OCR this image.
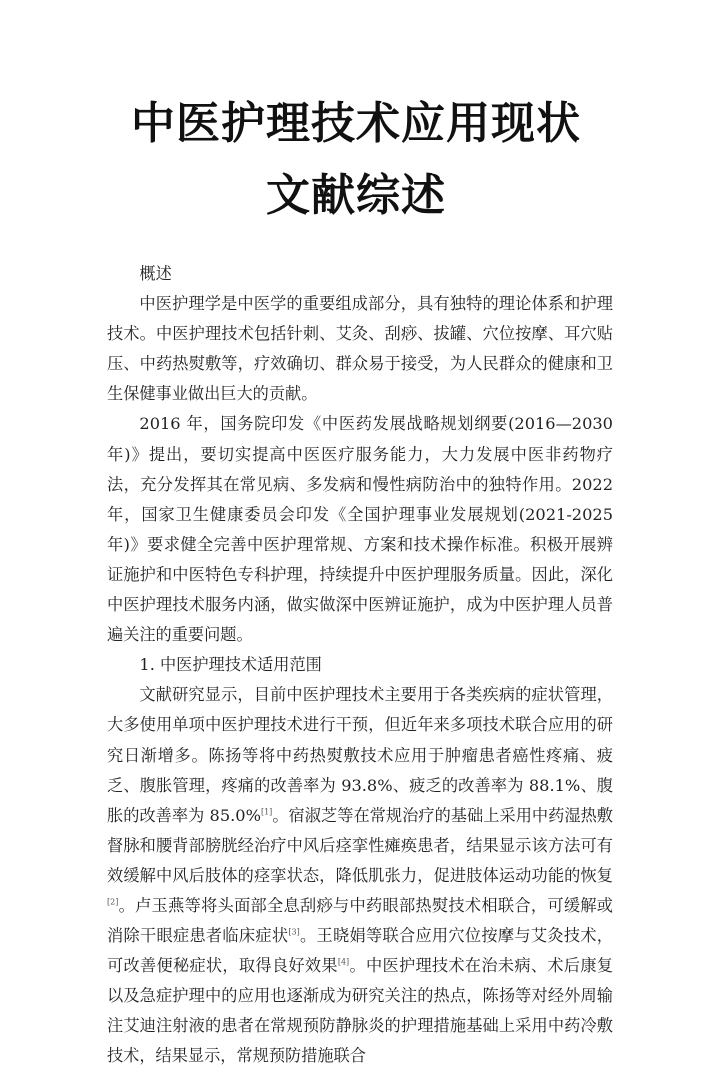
中医护理技术应用现状
文献综述

概述

中医护理学是中医学的重要组成部分，具有独特的理论体系和护理技术。中医护理技术包括针刺、艾灸、刮痧、拔罐、穴位按摩、耳穴贴压、中药热熨敷等，疗效确切、群众易于接受，为人民群众的健康和卫生保健事业做出巨大的贡献。

2016 年，国务院印发《中医药发展战略规划纲要(2016—2030 年)》提出，要切实提高中医医疗服务能力，大力发展中医非药物疗法，充分发挥其在常见病、多发病和慢性病防治中的独特作用。2022 年，国家卫生健康委员会印发《全国护理事业发展规划(2021-2025 年)》要求健全完善中医护理常规、方案和技术操作标准。积极开展辨证施护和中医特色专科护理，持续提升中医护理服务质量。因此，深化中医护理技术服务内涵，做实做深中医辨证施护，成为中医护理人员普遍关注的重要问题。

1. 中医护理技术适用范围

文献研究显示，目前中医护理技术主要用于各类疾病的症状管理，大多使用单项中医护理技术进行干预，但近年来多项技术联合应用的研究日渐增多。陈扬等将中药热熨敷技术应用于肿瘤患者癌性疼痛、疲乏、腹胀管理，疼痛的改善率为 93.8%、疲乏的改善率为 88.1%、腹胀的改善率为 85.0%[1]。宿淑芝等在常规治疗的基础上采用中药湿热敷督脉和腰背部膀胱经治疗中风后痉挛性瘫痪患者，结果显示该方法可有效缓解中风后肢体的痉挛状态，降低肌张力，促进肢体运动功能的恢复[2]。卢玉燕等将头面部全息刮痧与中药眼部热熨技术相联合，可缓解或消除干眼症患者临床症状[3]。王晓娟等联合应用穴位按摩与艾灸技术，可改善便秘症状，取得良好效果[4]。中医护理技术在治未病、术后康复以及急症护理中的应用也逐渐成为研究关注的热点，陈扬等对经外周输注艾迪注射液的患者在常规预防静脉炎的护理措施基础上采用中药冷敷技术，结果显示，常规预防措施联合
